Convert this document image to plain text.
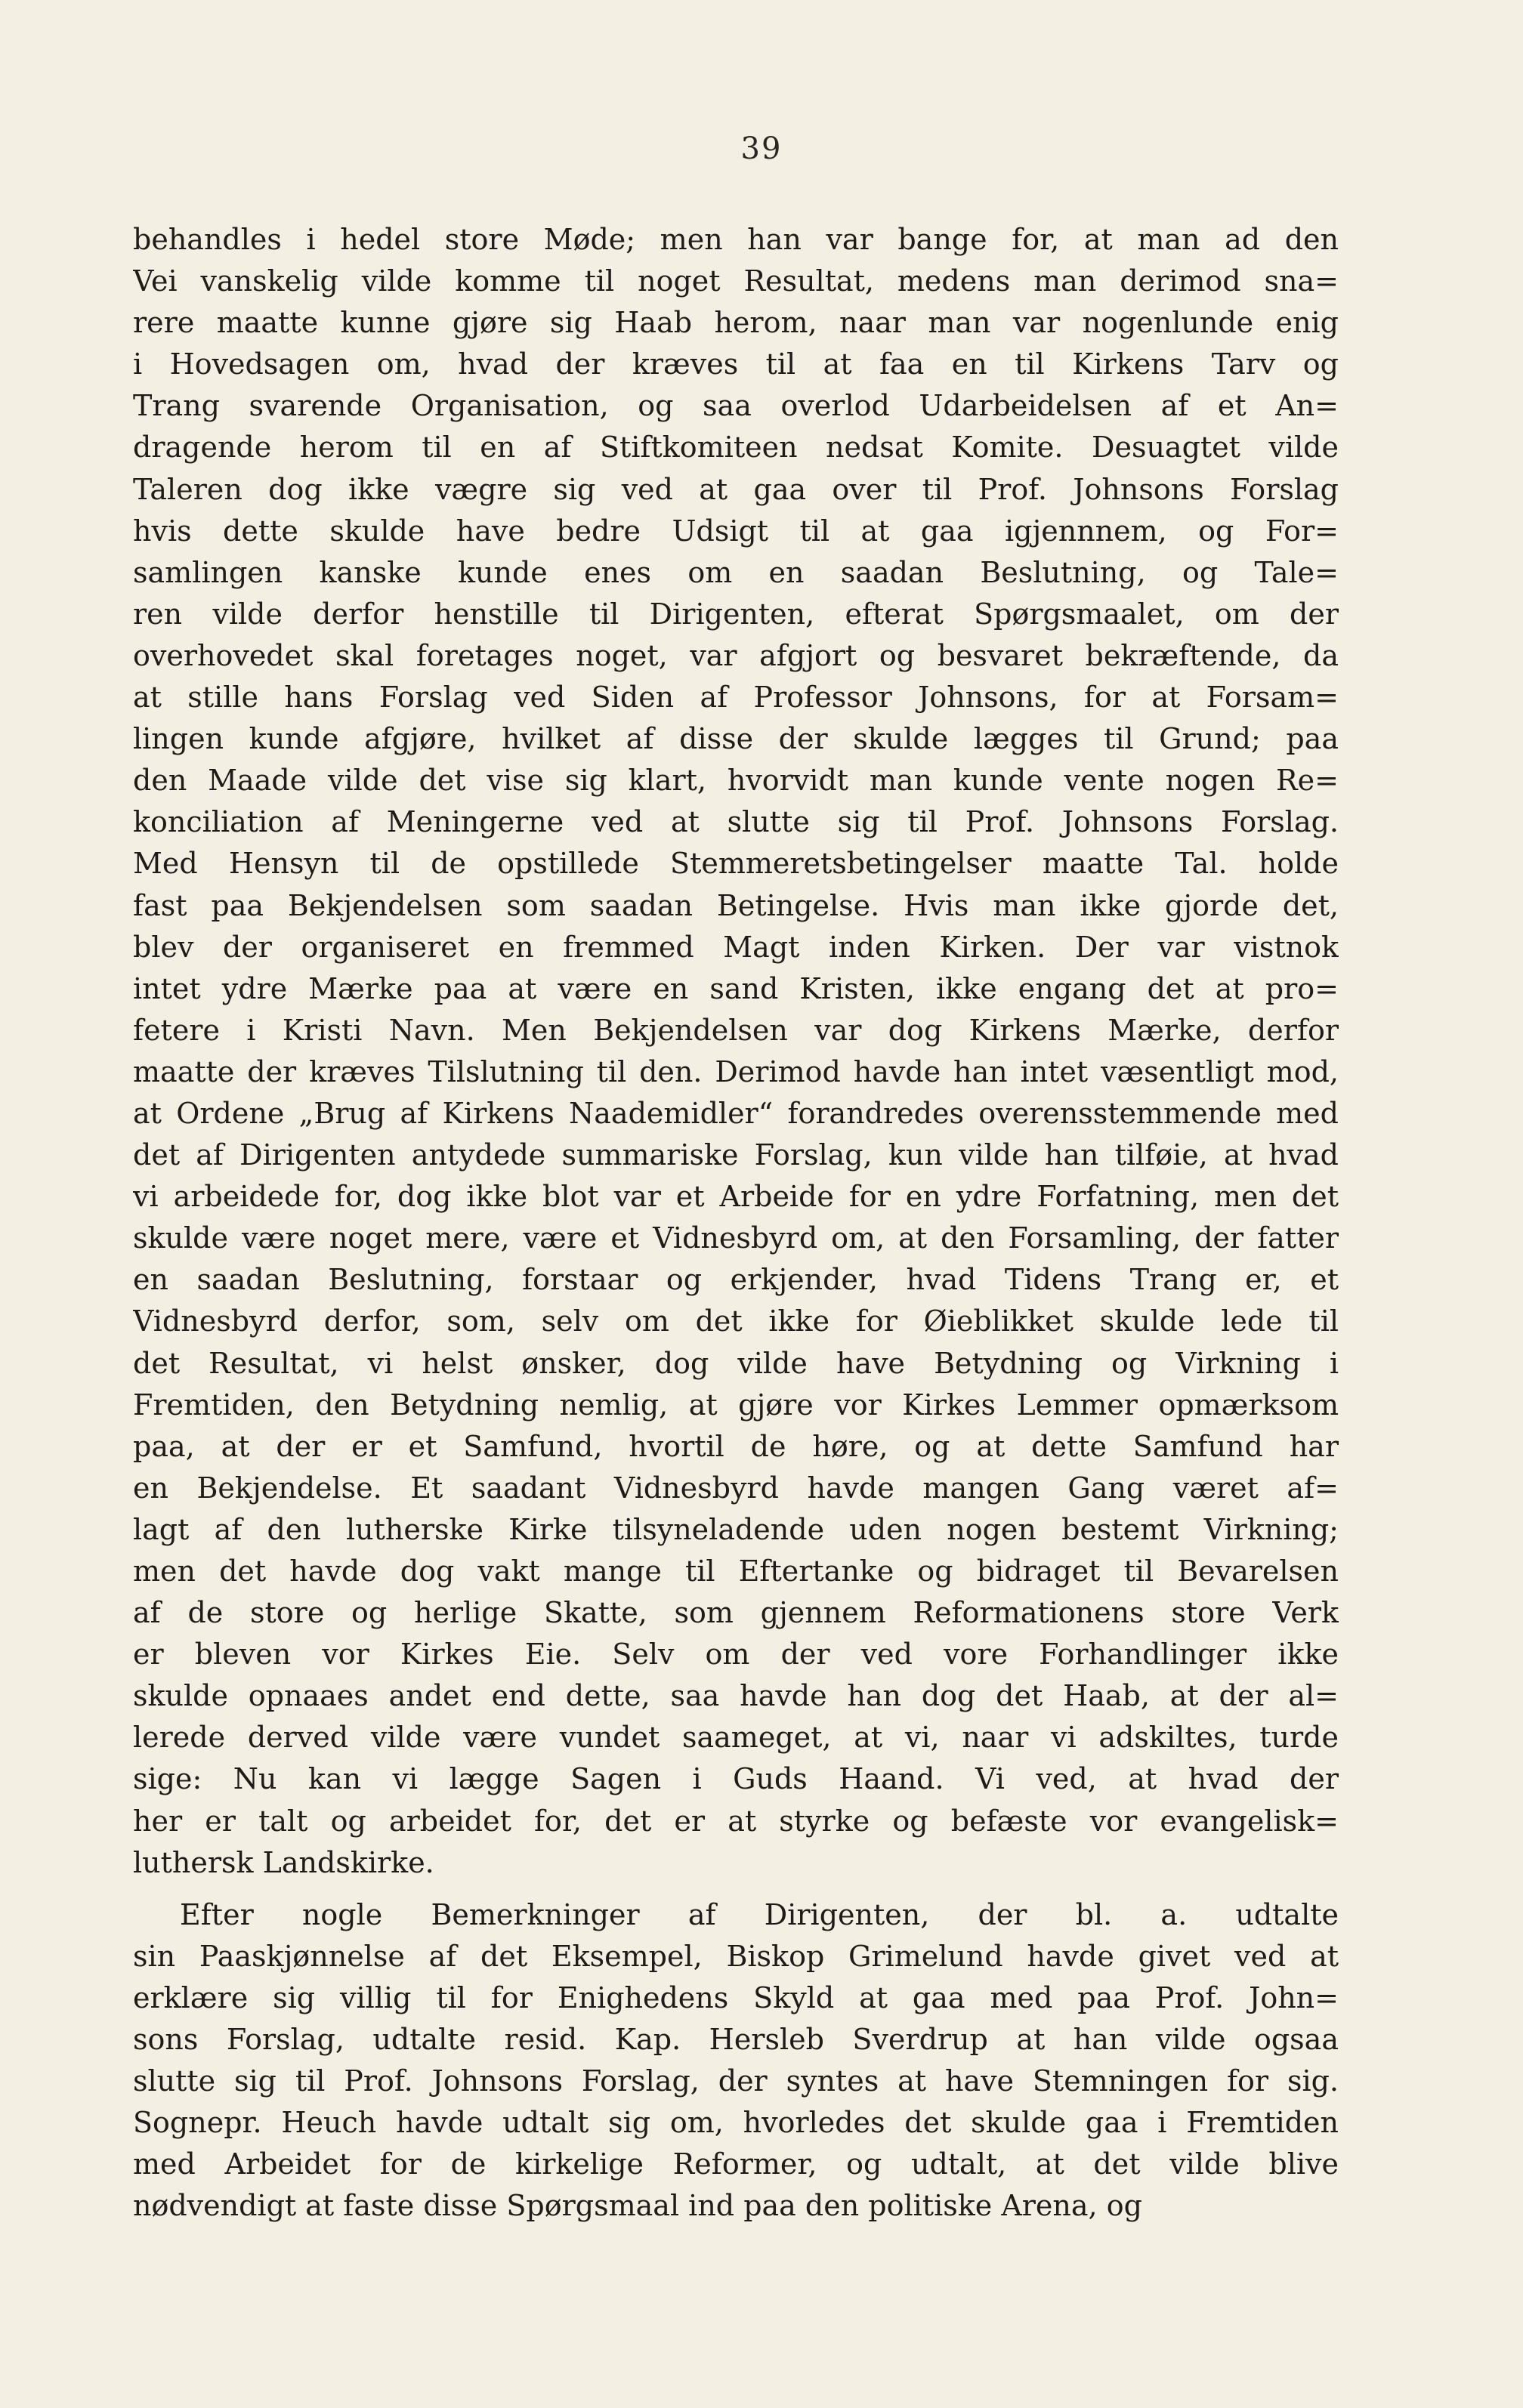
39
behandles i hedel store Møde; men han var bange for, at man ad den
Vei vanskelig vilde komme til noget Resultat, medens man derimod sna=
rere maatte kunne gjøre sig Haab herom, naar man var nogenlunde enig
i Hovedsagen om, hvad der kræves til at faa en til Kirkens Tarv og
Trang svarende Organisation, og saa overlod Udarbeidelsen af et An=
dragende herom til en af Stiftkomiteen nedsat Komite. Desuagtet vilde
Taleren dog ikke vægre sig ved at gaa over til Prof. Johnsons Forslag
hvis dette skulde have bedre Udsigt til at gaa igjennnem, og For=
samlingen kanske kunde enes om en saadan Beslutning, og Tale=
ren vilde derfor henstille til Dirigenten, efterat Spørgsmaalet, om der
overhovedet skal foretages noget, var afgjort og besvaret bekræftende, da
at stille hans Forslag ved Siden af Professor Johnsons, for at Forsam=
lingen kunde afgjøre, hvilket af disse der skulde lægges til Grund; paa
den Maade vilde det vise sig klart, hvorvidt man kunde vente nogen Re=
konciliation af Meningerne ved at slutte sig til Prof. Johnsons Forslag.
Med Hensyn til de opstillede Stemmeretsbetingelser maatte Tal. holde
fast paa Bekjendelsen som saadan Betingelse. Hvis man ikke gjorde det,
blev der organiseret en fremmed Magt inden Kirken. Der var vistnok
intet ydre Mærke paa at være en sand Kristen, ikke engang det at pro=
fetere i Kristi Navn. Men Bekjendelsen var dog Kirkens Mærke, derfor
maatte der kræves Tilslutning til den. Derimod havde han intet væsentligt mod,
at Ordene „Brug af Kirkens Naademidler“ forandredes overensstemmende med
det af Dirigenten antydede summariske Forslag, kun vilde han tilføie, at hvad
vi arbeidede for, dog ikke blot var et Arbeide for en ydre Forfatning, men det
skulde være noget mere, være et Vidnesbyrd om, at den Forsamling, der fatter
en saadan Beslutning, forstaar og erkjender, hvad Tidens Trang er, et
Vidnesbyrd derfor, som, selv om det ikke for Øieblikket skulde lede til
det Resultat, vi helst ønsker, dog vilde have Betydning og Virkning i
Fremtiden, den Betydning nemlig, at gjøre vor Kirkes Lemmer opmærksom
paa, at der er et Samfund, hvortil de høre, og at dette Samfund har
en Bekjendelse. Et saadant Vidnesbyrd havde mangen Gang været af=
lagt af den lutherske Kirke tilsyneladende uden nogen bestemt Virkning;
men det havde dog vakt mange til Eftertanke og bidraget til Bevarelsen
af de store og herlige Skatte, som gjennem Reformationens store Verk
er bleven vor Kirkes Eie. Selv om der ved vore Forhandlinger ikke
skulde opnaaes andet end dette, saa havde han dog det Haab, at der al=
lerede derved vilde være vundet saameget, at vi, naar vi adskiltes, turde
sige: Nu kan vi lægge Sagen i Guds Haand. Vi ved, at hvad der
her er talt og arbeidet for, det er at styrke og befæste vor evangelisk=
luthersk Landskirke.
Efter nogle Bemerkninger af Dirigenten, der bl. a. udtalte
sin Paaskjønnelse af det Eksempel, Biskop Grimelund havde givet ved at
erklære sig villig til for Enighedens Skyld at gaa med paa Prof. John=
sons Forslag, udtalte resid. Kap. Hersleb Sverdrup at han vilde ogsaa
slutte sig til Prof. Johnsons Forslag, der syntes at have Stemningen for sig.
Sognepr. Heuch havde udtalt sig om, hvorledes det skulde gaa i Fremtiden
med Arbeidet for de kirkelige Reformer, og udtalt, at det vilde blive
nødvendigt at faste disse Spørgsmaal ind paa den politiske Arena, og
